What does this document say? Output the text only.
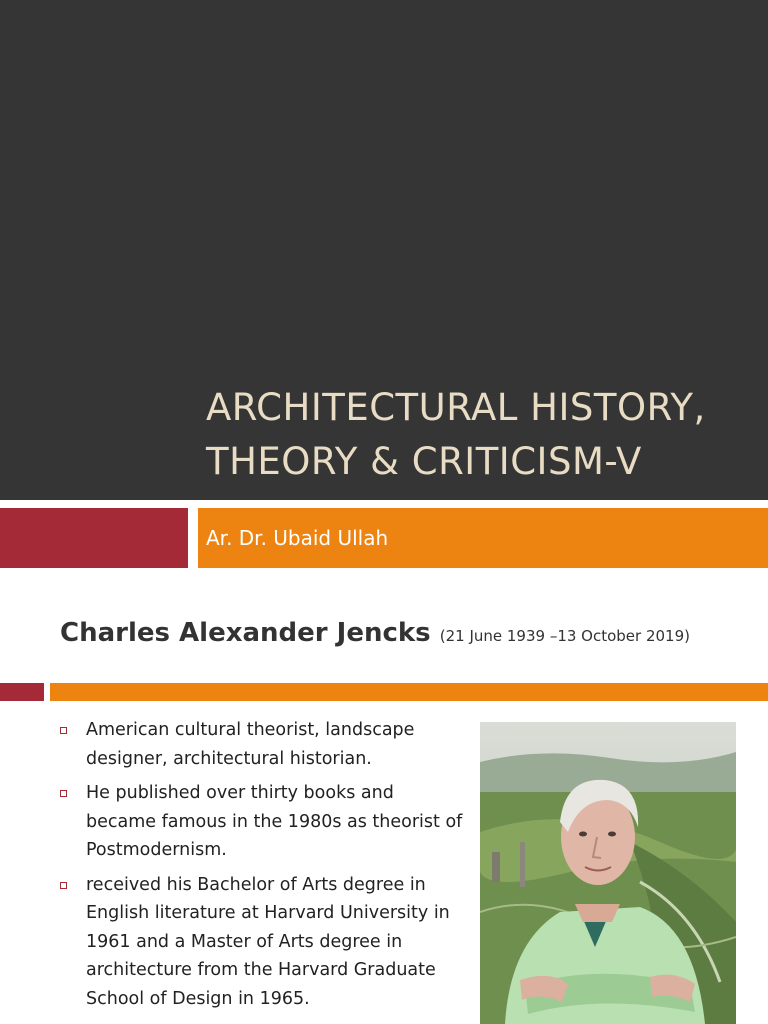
ARCHITECTURAL HISTORY, THEORY & CRITICISM-V
Ar. Dr. Ubaid Ullah
Charles Alexander Jencks (21 June 1939 –13 October 2019)
American cultural theorist, landscape designer, architectural historian.
He published over thirty books and became famous in the 1980s as theorist of Postmodernism.
received his Bachelor of Arts degree in English literature at Harvard University in 1961 and a Master of Arts degree in architecture from the Harvard Graduate School of Design in 1965.
